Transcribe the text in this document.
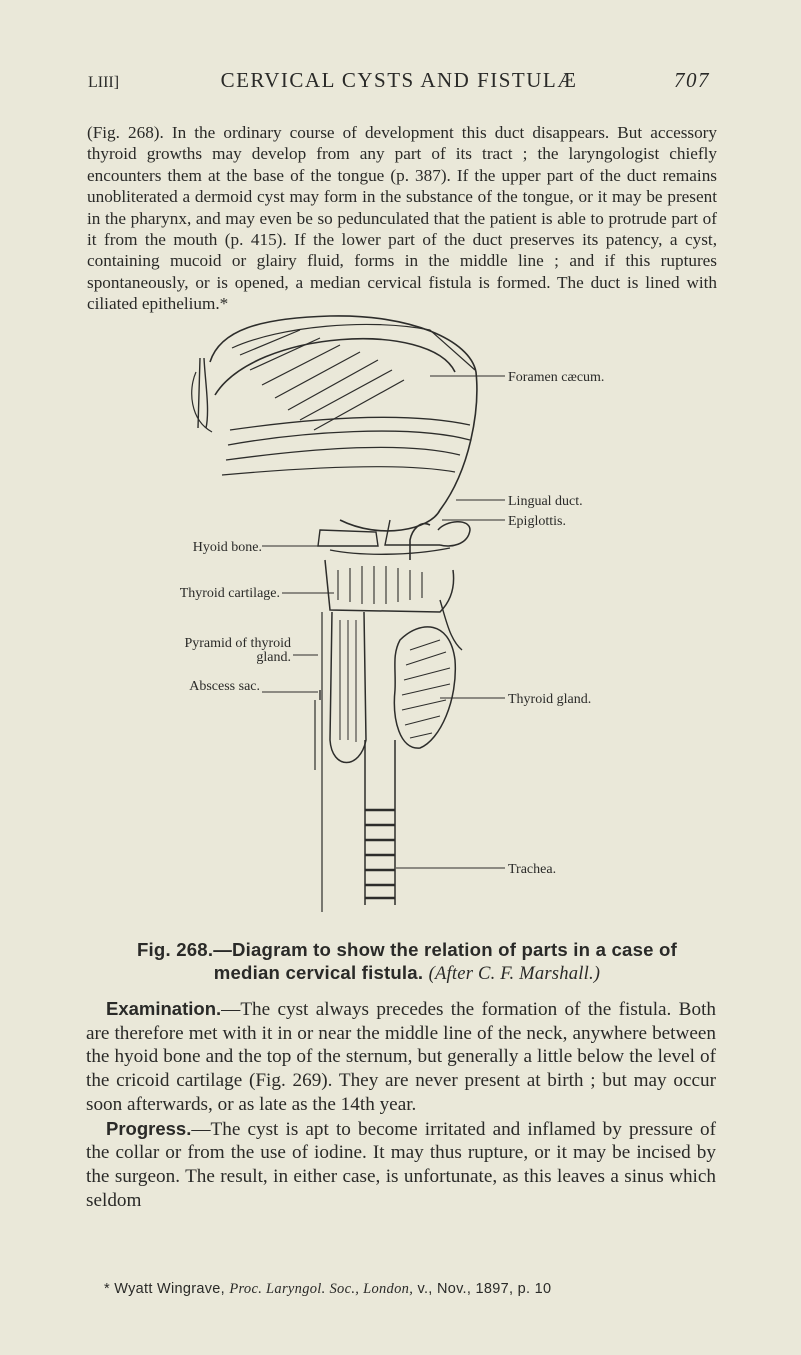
LIII]	CERVICAL CYSTS AND FISTULÆ	707
(Fig. 268). In the ordinary course of development this duct disappears. But accessory thyroid growths may develop from any part of its tract ; the laryngologist chiefly encounters them at the base of the tongue (p. 387). If the upper part of the duct remains unobliterated a dermoid cyst may form in the substance of the tongue, or it may be present in the pharynx, and may even be so pedunculated that the patient is able to protrude part of it from the mouth (p. 415). If the lower part of the duct preserves its patency, a cyst, containing mucoid or glairy fluid, forms in the middle line ; and if this ruptures spontaneously, or is opened, a median cervical fistula is formed. The duct is lined with ciliated epithelium.*
Hyoid bone.
Thyroid cartilage.
Pyramid of thyroid
gland.
Abscess sac.
Foramen cæcum.
Lingual duct.
Epiglottis.
Thyroid gland.
Trachea.
Fig. 268.—Diagram to show the relation of parts in a case of median cervical fistula. (After C. F. Marshall.)

Examination.—The cyst always precedes the formation of the fistula. Both are therefore met with it in or near the middle line of the neck, anywhere between the hyoid bone and the top of the sternum, but generally a little below the level of the cricoid cartilage (Fig. 269). They are never present at birth ; but may occur soon afterwards, or as late as the 14th year.

Progress.—The cyst is apt to become irritated and inflamed by pressure of the collar or from the use of iodine. It may thus rupture, or it may be incised by the surgeon. The result, in either case, is unfortunate, as this leaves a sinus which seldom

* Wyatt Wingrave, Proc. Laryngol. Soc., London, v., Nov., 1897, p. 10
